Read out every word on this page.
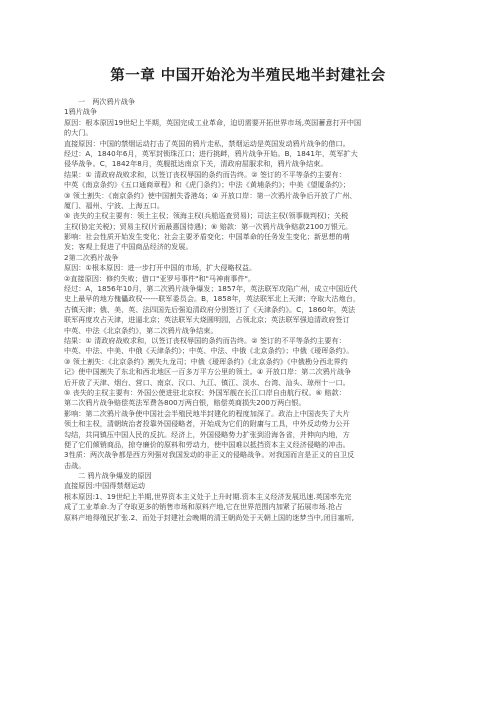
第一章 中国开始沦为半殖民地半封建社会
一　两次鸦片战争
1鸦片战争
原因：根本原因19世纪上半期，英国完成工业革命，迫切需要开拓世界市场,英国蓄意打开中国
的大门。
直接原因：中国的禁烟运动打击了英国的鸦片走私，禁烟运动是英国发动鸦片战争的借口。
经过：A，1840年6月，英军封锁珠江口；进行挑衅，鸦片战争开始。B，1841年，英军扩大
侵华战争。C，1842年8月，英舰抵达南京下关，清政府屈服求和，鸦片战争结束。
结果：① 清政府战败求和，以签订丧权辱国的条约而告终。② 签订的不平等条约主要有：
中英《南京条约》《五口通商章程》和《虎门条约》；中法《黄埔条约》；中美《望厦条约》；
③ 领土割失：《南京条约》使中国割失香港岛；④ 开放口岸：第一次鸦片战争后开放了广州、
厦门、福州、宁波、上海五口。
⑤ 丧失的主权主要有：领土主权；领海主权(兵船巡查贸易)；司法主权(领事裁判权)；关税
主权(协定关税)；贸易主权(片面最惠国待遇)；⑥ 赔款：第一次鸦片战争赔款2100万银元。
影响：社会性质开始发生变化；社会主要矛盾变化；中国革命的任务发生变化；新思想的萌
发；客观上促进了中国商品经济的发展。
2第二次鸦片战争
原因：①根本原因：进一步打开中国的市场，扩大侵略权益。
②直接原因：修约失败；借口"亚罗号事件"和"马神甫事件"。
经过：A，1856年10月，第二次鸦片战争爆发；1857年，英法联军攻陷广州，成立中国近代
史上最早的地方傀儡政权------联军委员会。B，1858年，英法联军北上天津；夺取大沽炮台，
古镇天津；俄、美、英、法四国先后强迫清政府分别签订了《天津条约》。C，1860年，英法
联军再度攻占天津，进逼北京；英法联军大烧圆明园，占领北京；英法联军强迫清政府签订
中英、中法《北京条约》，第二次鸦片战争结束。
结果：① 清政府战败求和，以签订丧权辱国的条约而告终。② 签订的不平等条约主要有：
中英、中法、中美、中俄《天津条约》；中英、中法、中俄《北京条约》；中俄《瑷珲条约》。
③ 领土割失：《北京条约》割失九龙司；中俄《瑷珲条约》《北京条约》《中俄勘分西北界约
记》使中国割失了东北和西北地区一百多万平方公里的领土。④ 开放口岸：第二次鸦片战争
后开放了天津、烟台、营口、南京、汉口、九江、镇江、淡水、台湾、汕头、琼州十一口。
⑤ 丧失的主权主要有：外国公使进驻北京权；外国军舰在长江口岸自由航行权。⑥ 赔款：
第二次鸦片战争赔偿英法军费各800万两白银，赔偿英商损失200万两白银。
影响：第二次鸦片战争使中国社会半殖民地半封建化的程度加深了。政治上中国丧失了大片
领土和主权，清朝统治者投靠外国侵略者，开始成为它们的附庸与工具，中外反动势力公开
勾结，共同镇压中国人民的反抗。经济上，外国侵略势力扩张到沿海各省，并伸向内地，方
便了它们倾销商品，掠夺廉价的原料和劳动力，使中国难以抵挡资本主义经济侵略的冲击。
3性质：两次战争都是西方列强对我国发动的非正义的侵略战争。对我国而言是正义的自卫反
击战。
二 鸦片战争爆发的原因
直接原因:中国得禁烟运动
根本原因:1、19世纪上半期,世界资本主义处于上升时期.资本主义经济发展迅速.英国率先完
成了工业革命.为了夺取更多的销售市场和原料产地,它在世界范围内加紧了拓展市场.抢占
原料产地得殖民扩张.2、而处于封建社会晚期的清王朝尚处于天朝上国的迷梦当中,闭目塞听,
